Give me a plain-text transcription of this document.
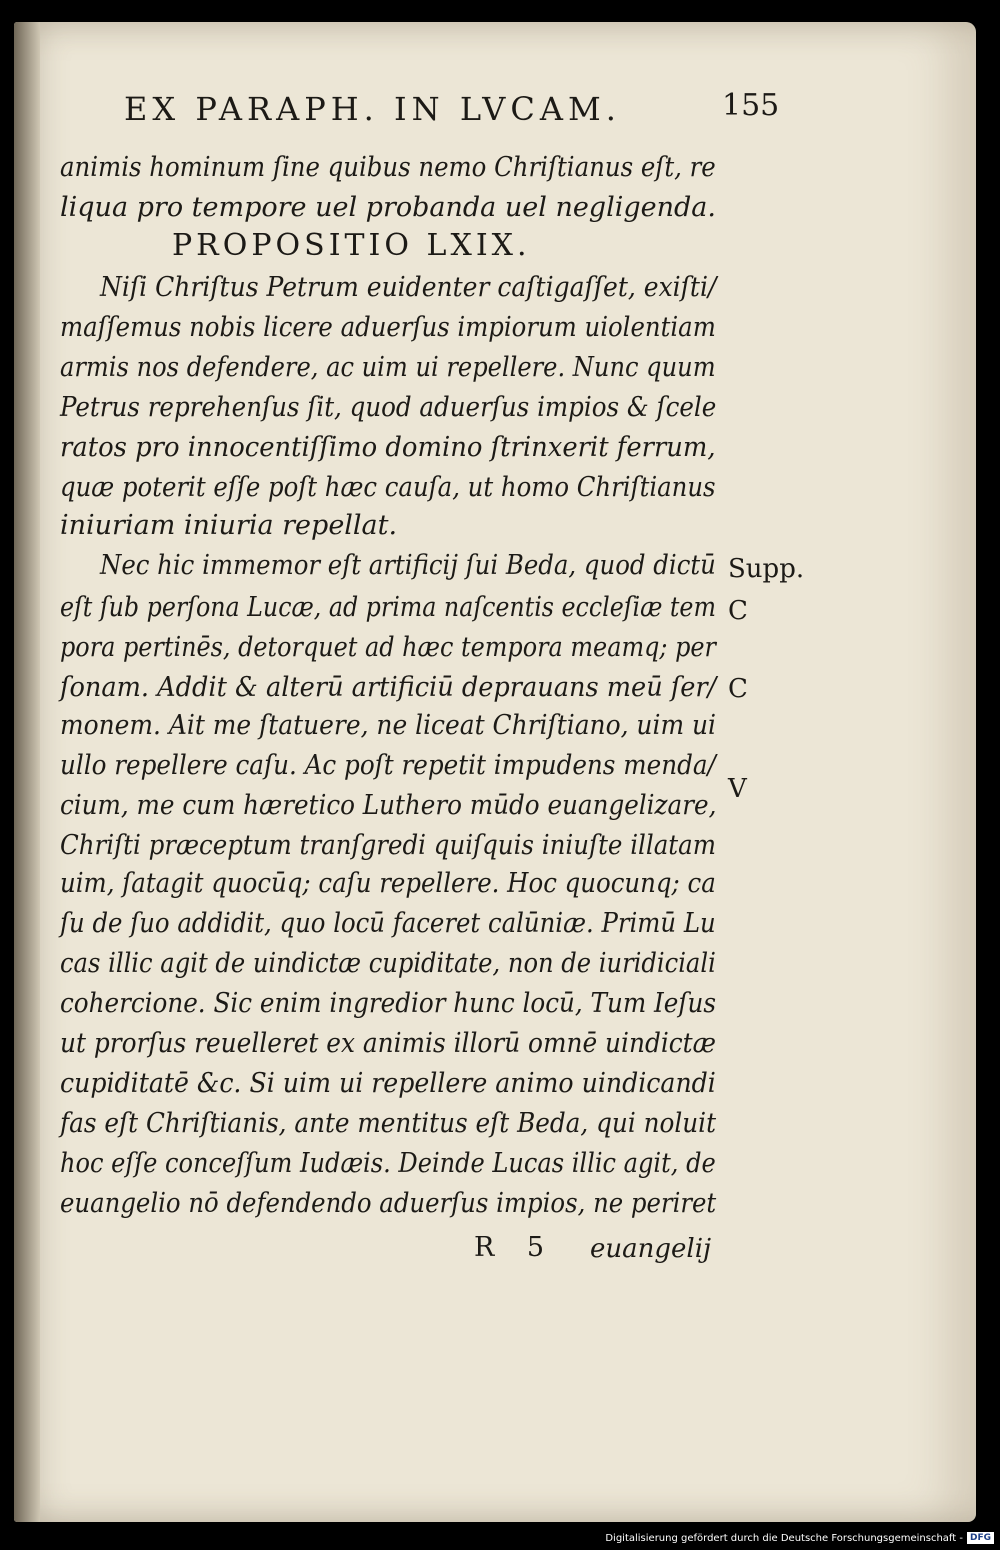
EX PARAPH. IN LVCAM.	155
animis hominum ſine quibus nemo Chriſtianus eſt, re
liqua pro tempore uel probanda uel negligenda.
PROPOSITIO LXIX.
Niſi Chriſtus Petrum euidenter caſtigaſſet, exiſti/
maſſemus nobis licere aduerſus impiorum uiolentiam
armis nos defendere, ac uim ui repellere. Nunc quum
Petrus reprehenſus ſit, quod aduerſus impios & ſcele
ratos pro innocentiſſimo domino ſtrinxerit ferrum,
quæ poterit eſſe poſt hæc cauſa, ut homo Chriſtianus
iniuriam iniuria repellat.
Nec hic immemor eſt artificij ſui Beda, quod dictū
eſt ſub perſona Lucæ, ad prima naſcentis eccleſiæ tem
pora pertinēs, detorquet ad hæc tempora meamq; per
ſonam. Addit & alterū artificiū deprauans meū ſer/
monem. Ait me ſtatuere, ne liceat Chriſtiano, uim ui
ullo repellere caſu. Ac poſt repetit impudens menda/
cium, me cum hæretico Luthero mūdo euangelizare,
Chriſti præceptum tranſgredi quiſquis iniuſte illatam
uim, ſatagit quocūq; caſu repellere. Hoc quocunq; ca
ſu de ſuo addidit, quo locū faceret calūniæ. Primū Lu
cas illic agit de uindictæ cupiditate, non de iuridiciali
cohercione. Sic enim ingredior hunc locū, Tum Ieſus
ut prorſus reuelleret ex animis illorū omnē uindictæ
cupiditatē &c. Si uim ui repellere animo uindicandi
fas eſt Chriſtianis, ante mentitus eſt Beda, qui noluit
hoc eſſe conceſſum Iudæis. Deinde Lucas illic agit, de
euangelio nō defendendo aduerſus impios, ne periret
Supp.
C
C
V
R 5 euangelij
Digitalisierung gefördert durch die Deutsche Forschungsgemeinschaft - DFG
